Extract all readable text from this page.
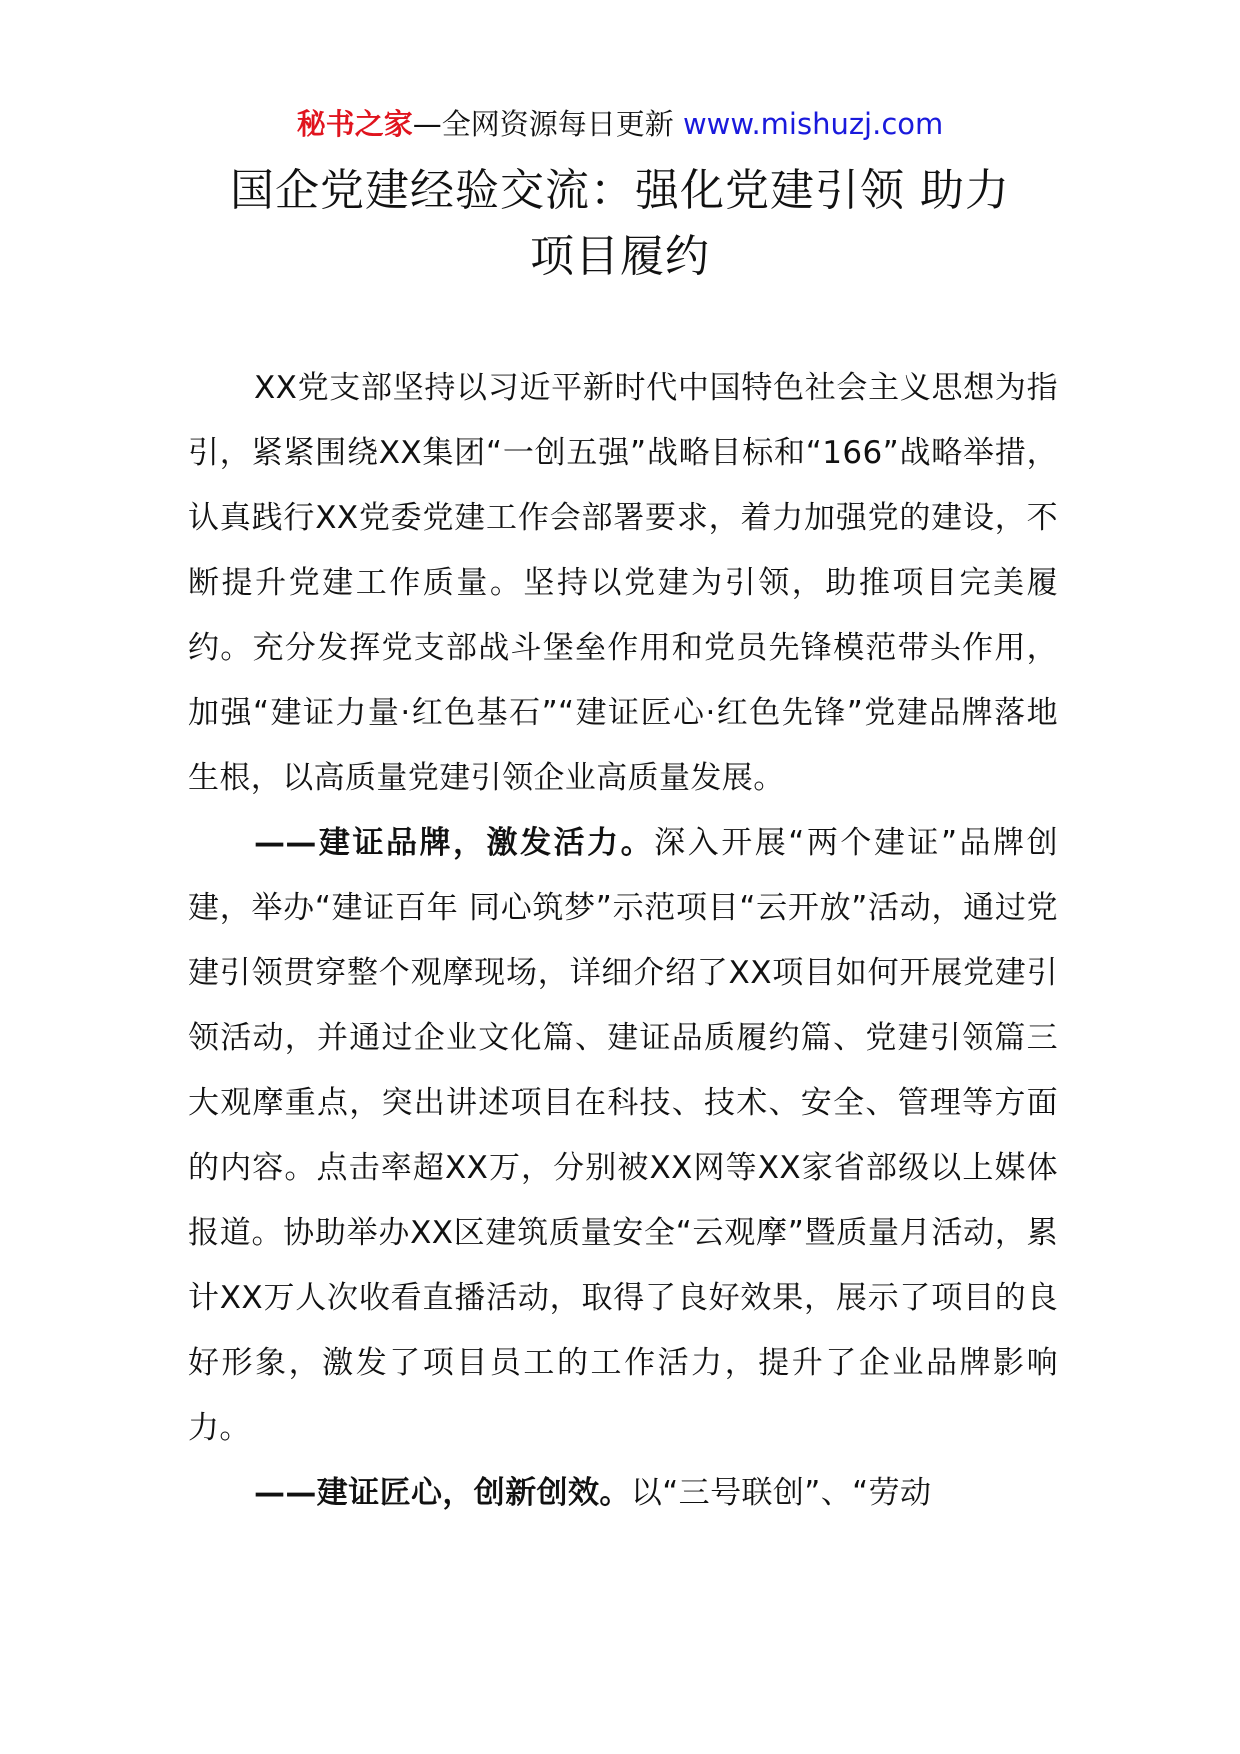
秘书之家—全网资源每日更新 www.mishuzj.com
国企党建经验交流：强化党建引领 助力
项目履约

XX党支部坚持以习近平新时代中国特色社会主义思想为指引，紧紧围绕XX集团“一创五强”战略目标和“166”战略举措，认真践行XX党委党建工作会部署要求，着力加强党的建设，不断提升党建工作质量。坚持以党建为引领，助推项目完美履约。充分发挥党支部战斗堡垒作用和党员先锋模范带头作用，加强“建证力量·红色基石”“建证匠心·红色先锋”党建品牌落地生根，以高质量党建引领企业高质量发展。

——建证品牌，激发活力。深入开展“两个建证”品牌创建，举办“建证百年 同心筑梦”示范项目“云开放”活动，通过党建引领贯穿整个观摩现场，详细介绍了XX项目如何开展党建引领活动，并通过企业文化篇、建证品质履约篇、党建引领篇三大观摩重点，突出讲述项目在科技、技术、安全、管理等方面的内容。点击率超XX万，分别被XX网等XX家省部级以上媒体报道。协助举办XX区建筑质量安全“云观摩”暨质量月活动，累计XX万人次收看直播活动，取得了良好效果，展示了项目的良好形象，激发了项目员工的工作活力，提升了企业品牌影响力。

——建证匠心，创新创效。以“三号联创”、“劳动
